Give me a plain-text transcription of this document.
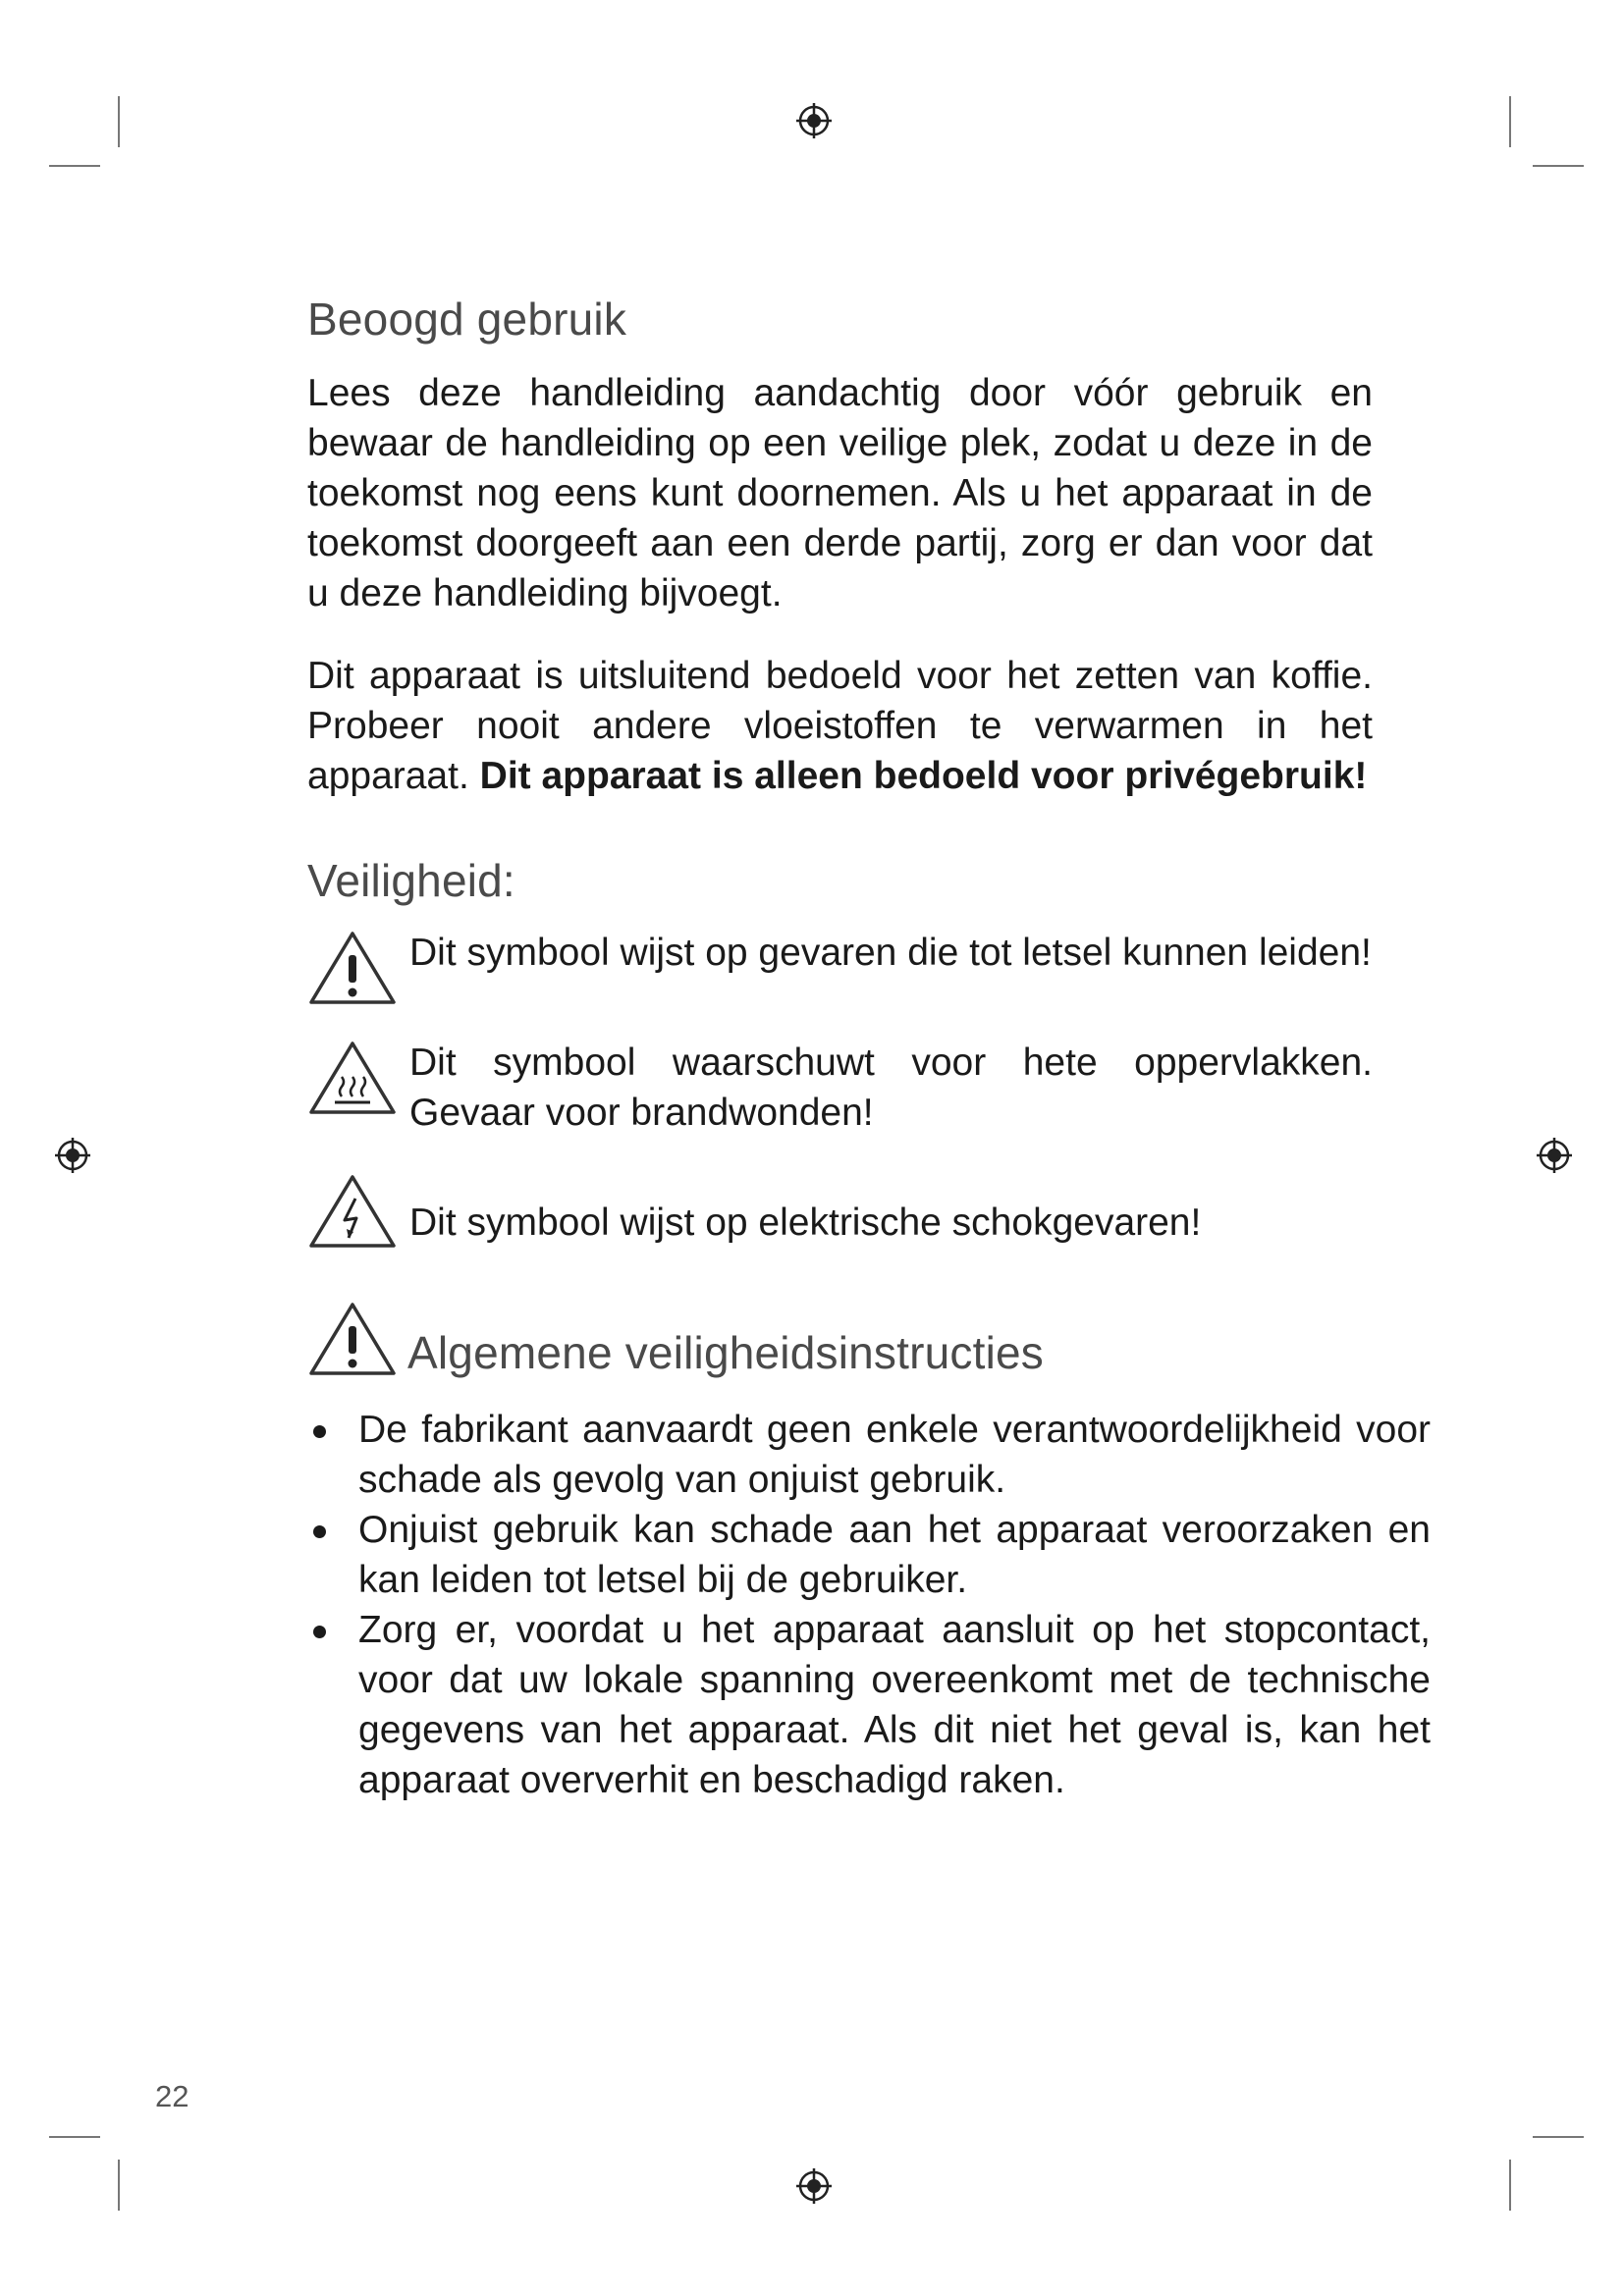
Beoogd gebruik

Lees deze handleiding aandachtig door vóór gebruik en bewaar de handleiding op een veilige plek, zodat u deze in de toekomst nog eens kunt doornemen. Als u het apparaat in de toekomst doorgeeft aan een derde partij, zorg er dan voor dat u deze handleiding bijvoegt.

Dit apparaat is uitsluitend bedoeld voor het zetten van koffie. Probeer nooit andere vloeistoffen te verwarmen in het apparaat. Dit apparaat is alleen bedoeld voor privégebruik!

Veiligheid:
Dit symbool wijst op gevaren die tot letsel kunnen leiden!
Dit symbool waarschuwt voor hete oppervlakken. Gevaar voor brandwonden!
Dit symbool wijst op elektrische schokgevaren!
Algemene veiligheidsinstructies
De fabrikant aanvaardt geen enkele verantwoordelijkheid voor schade als gevolg van onjuist gebruik.
Onjuist gebruik kan schade aan het apparaat veroorzaken en kan leiden tot letsel bij de gebruiker.
Zorg er, voordat u het apparaat aansluit op het stopcontact, voor dat uw lokale spanning overeenkomt met de technische gegevens van het apparaat. Als dit niet het geval is, kan het apparaat oververhit en beschadigd raken.
22
